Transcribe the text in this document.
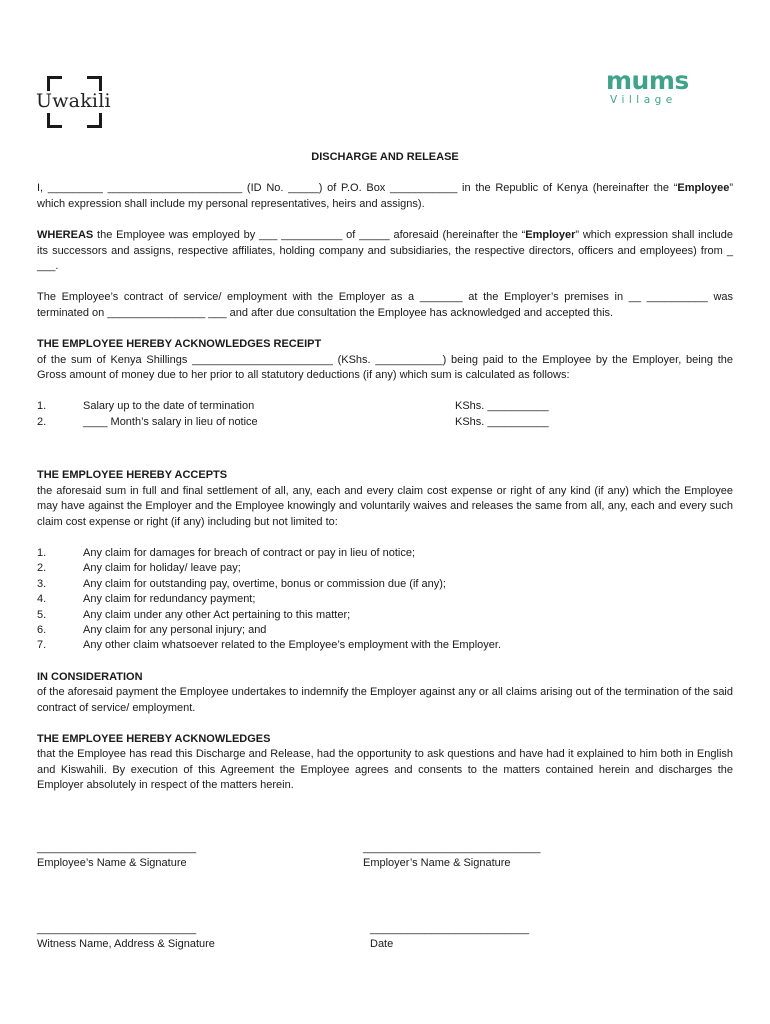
Uwakili
mums
Village
DISCHARGE AND RELEASE

I, _________ ______________________ (ID No. _____) of P.O. Box ___________ in the Republic of Kenya (hereinafter the “Employee” which expression shall include my personal representatives, heirs and assigns).

WHEREAS the Employee was employed by ___ __________ of _____ aforesaid (hereinafter the “Employer” which expression shall include its successors and assigns, respective affiliates, holding company and subsidiaries, the respective directors, officers and employees) from _ ___.

The Employee’s contract of service/ employment with the Employer as a _______ at the Employer’s premises in __ __________ was terminated on ________________ ___ and after due consultation the Employee has acknowledged and accepted this.

THE EMPLOYEE HEREBY ACKNOWLEDGES RECEIPT

of the sum of Kenya Shillings _______________________ (KShs. ___________) being paid to the Employee by the Employer, being the Gross amount of money due to her prior to all statutory deductions (if any) which sum is calculated as follows:

1.	Salary up to the date of termination	KShs. __________
2.	____ Month’s salary in lieu of notice	KShs. __________
THE EMPLOYEE HEREBY ACCEPTS

the aforesaid sum in full and final settlement of all, any, each and every claim cost expense or right of any kind (if any) which the Employee may have against the Employer and the Employee knowingly and voluntarily waives and releases the same from all, any, each and every such claim cost expense or right (if any) including but not limited to:

1.	Any claim for damages for breach of contract or pay in lieu of notice;
2.	Any claim for holiday/ leave pay;
3.	Any claim for outstanding pay, overtime, bonus or commission due (if any);
4.	Any claim for redundancy payment;
5.	Any claim under any other Act pertaining to this matter;
6.	Any claim for any personal injury; and
7.	Any other claim whatsoever related to the Employee’s employment with the Employer.
IN CONSIDERATION

of the aforesaid payment the Employee undertakes to indemnify the Employer against any or all claims arising out of the termination of the said contract of service/ employment.

THE EMPLOYEE HEREBY ACKNOWLEDGES

that the Employee has read this Discharge and Release, had the opportunity to ask questions and have had it explained to him both in English and Kiswahili. By execution of this Agreement the Employee agrees and consents to the matters contained herein and discharges the Employer absolutely in respect of the matters herein.

__________________________
Employee’s Name & Signature
_____________________________
Employer’s Name & Signature
__________________________
Witness Name, Address & Signature
__________________________
Date
